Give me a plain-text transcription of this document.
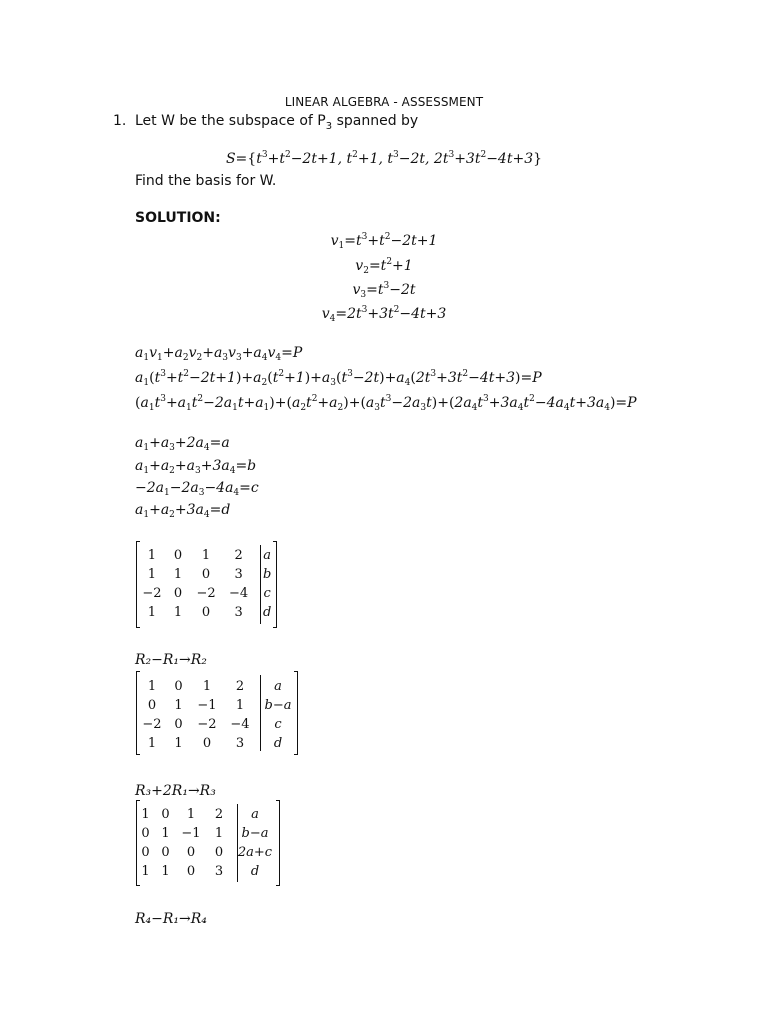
LINEAR ALGEBRA - ASSESSMENT
1. Let W be the subspace of $P_3$ spanned by
$S=\{t^3+t^2-2t+1$, $t^2+1$, $t^3-2t$, $2t^3+3t^2-4t+3$}
Find the basis for W.
SOLUTION:
$v_1=t^3+t^2-2t+1$
$v_2=t^2+1$
$v_3=t^3-2t$
$v_4=2t^3+3t^2-4t+3$
$a_1v_1+a_2v_2+a_3v_3+a_4v_4=P$
$a_1(t^3+t^2-2t+1)+a_2(t^2+1)+a_3(t^3-2t)+a_4(2t^3+3t^2-4t+3)=P$
$(a_1t^3+a_1t^2-2a_1t+a_1)+(a_2t^2+a_2)+(a_3t^3-2a_3t)+(2a_4t^3+3a_4t^2-4a_4t+3a_4)=P$
$a_1+a_3+2a_4=a$
$a_1+a_2+a_3+3a_4=b$
$-2a_1-2a_3-4a_4=c$
$a_1+a_2+3a_4=d$
1	0	1	2	a
1	1	0	3	b
−2	0	−2	−4	c
1	1	0	3	d
R₂−R₁→R₂
1	0	1	2	a
0	1	−1	1	b−a
−2	0	−2	−4	c
1	1	0	3	d
R₃+2R₁→R₃
1	0	1	2	a
0	1	−1	1	b−a
0	0	0	0	2a+c
1	1	0	3	d
R₄−R₁→R₄
